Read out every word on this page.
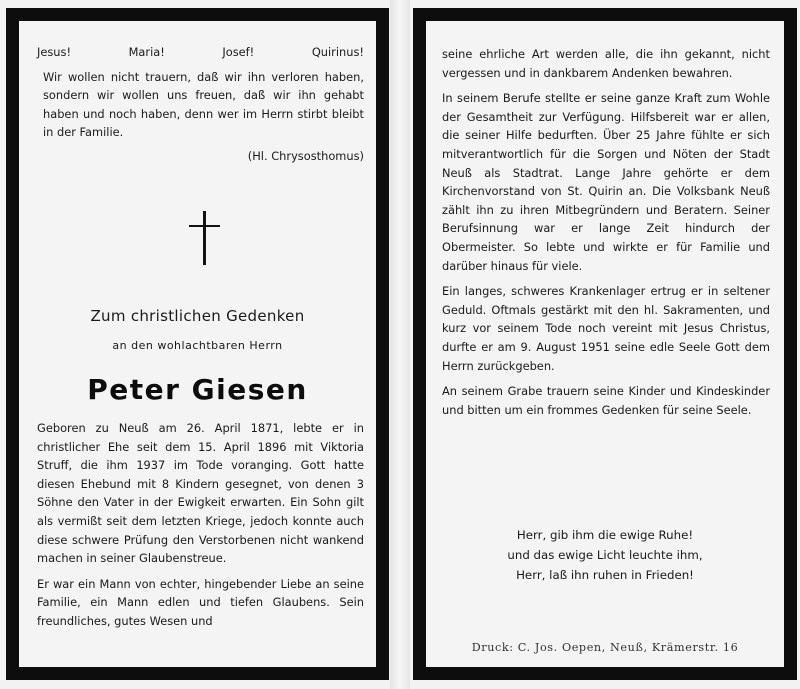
Jesus!	Maria!	Josef!	Quirinus!

Wir wollen nicht trauern, daß wir ihn verloren haben, sondern wir wollen uns freuen, daß wir ihn gehabt haben und noch haben, denn wer im Herrn stirbt bleibt in der Familie.

(Hl. Chrysosthomus)
Zum christlichen Gedenken
an den wohlachtbaren Herrn
Peter Giesen

Geboren zu Neuß am 26. April 1871, lebte er in christlicher Ehe seit dem 15. April 1896 mit Viktoria Struff, die ihm 1937 im Tode voranging. Gott hatte diesen Ehebund mit 8 Kindern gesegnet, von denen 3 Söhne den Vater in der Ewigkeit erwarten. Ein Sohn gilt als vermißt seit dem letzten Kriege, jedoch konnte auch diese schwere Prüfung den Verstorbenen nicht wankend machen in seiner Glaubenstreue.

Er war ein Mann von echter, hingebender Liebe an seine Familie, ein Mann edlen und tiefen Glaubens. Sein freundliches, gutes Wesen und

seine ehrliche Art werden alle, die ihn gekannt, nicht vergessen und in dankbarem Andenken bewahren.

In seinem Berufe stellte er seine ganze Kraft zum Wohle der Gesamtheit zur Verfügung. Hilfsbereit war er allen, die seiner Hilfe bedurften. Über 25 Jahre fühlte er sich mitverantwortlich für die Sorgen und Nöten der Stadt Neuß als Stadtrat. Lange Jahre gehörte er dem Kirchenvorstand von St. Quirin an. Die Volksbank Neuß zählt ihn zu ihren Mitbegründern und Beratern. Seiner Berufsinnung war er lange Zeit hindurch der Obermeister. So lebte und wirkte er für Familie und darüber hinaus für viele.

Ein langes, schweres Krankenlager ertrug er in seltener Geduld. Oftmals gestärkt mit den hl. Sakramenten, und kurz vor seinem Tode noch vereint mit Jesus Christus, durfte er am 9. August 1951 seine edle Seele Gott dem Herrn zurückgeben.

An seinem Grabe trauern seine Kinder und Kindeskinder und bitten um ein frommes Gedenken für seine Seele.

Herr, gib ihm die ewige Ruhe!
und das ewige Licht leuchte ihm,
Herr, laß ihn ruhen in Frieden!
Druck: C. Jos. Oepen, Neuß, Krämerstr. 16
